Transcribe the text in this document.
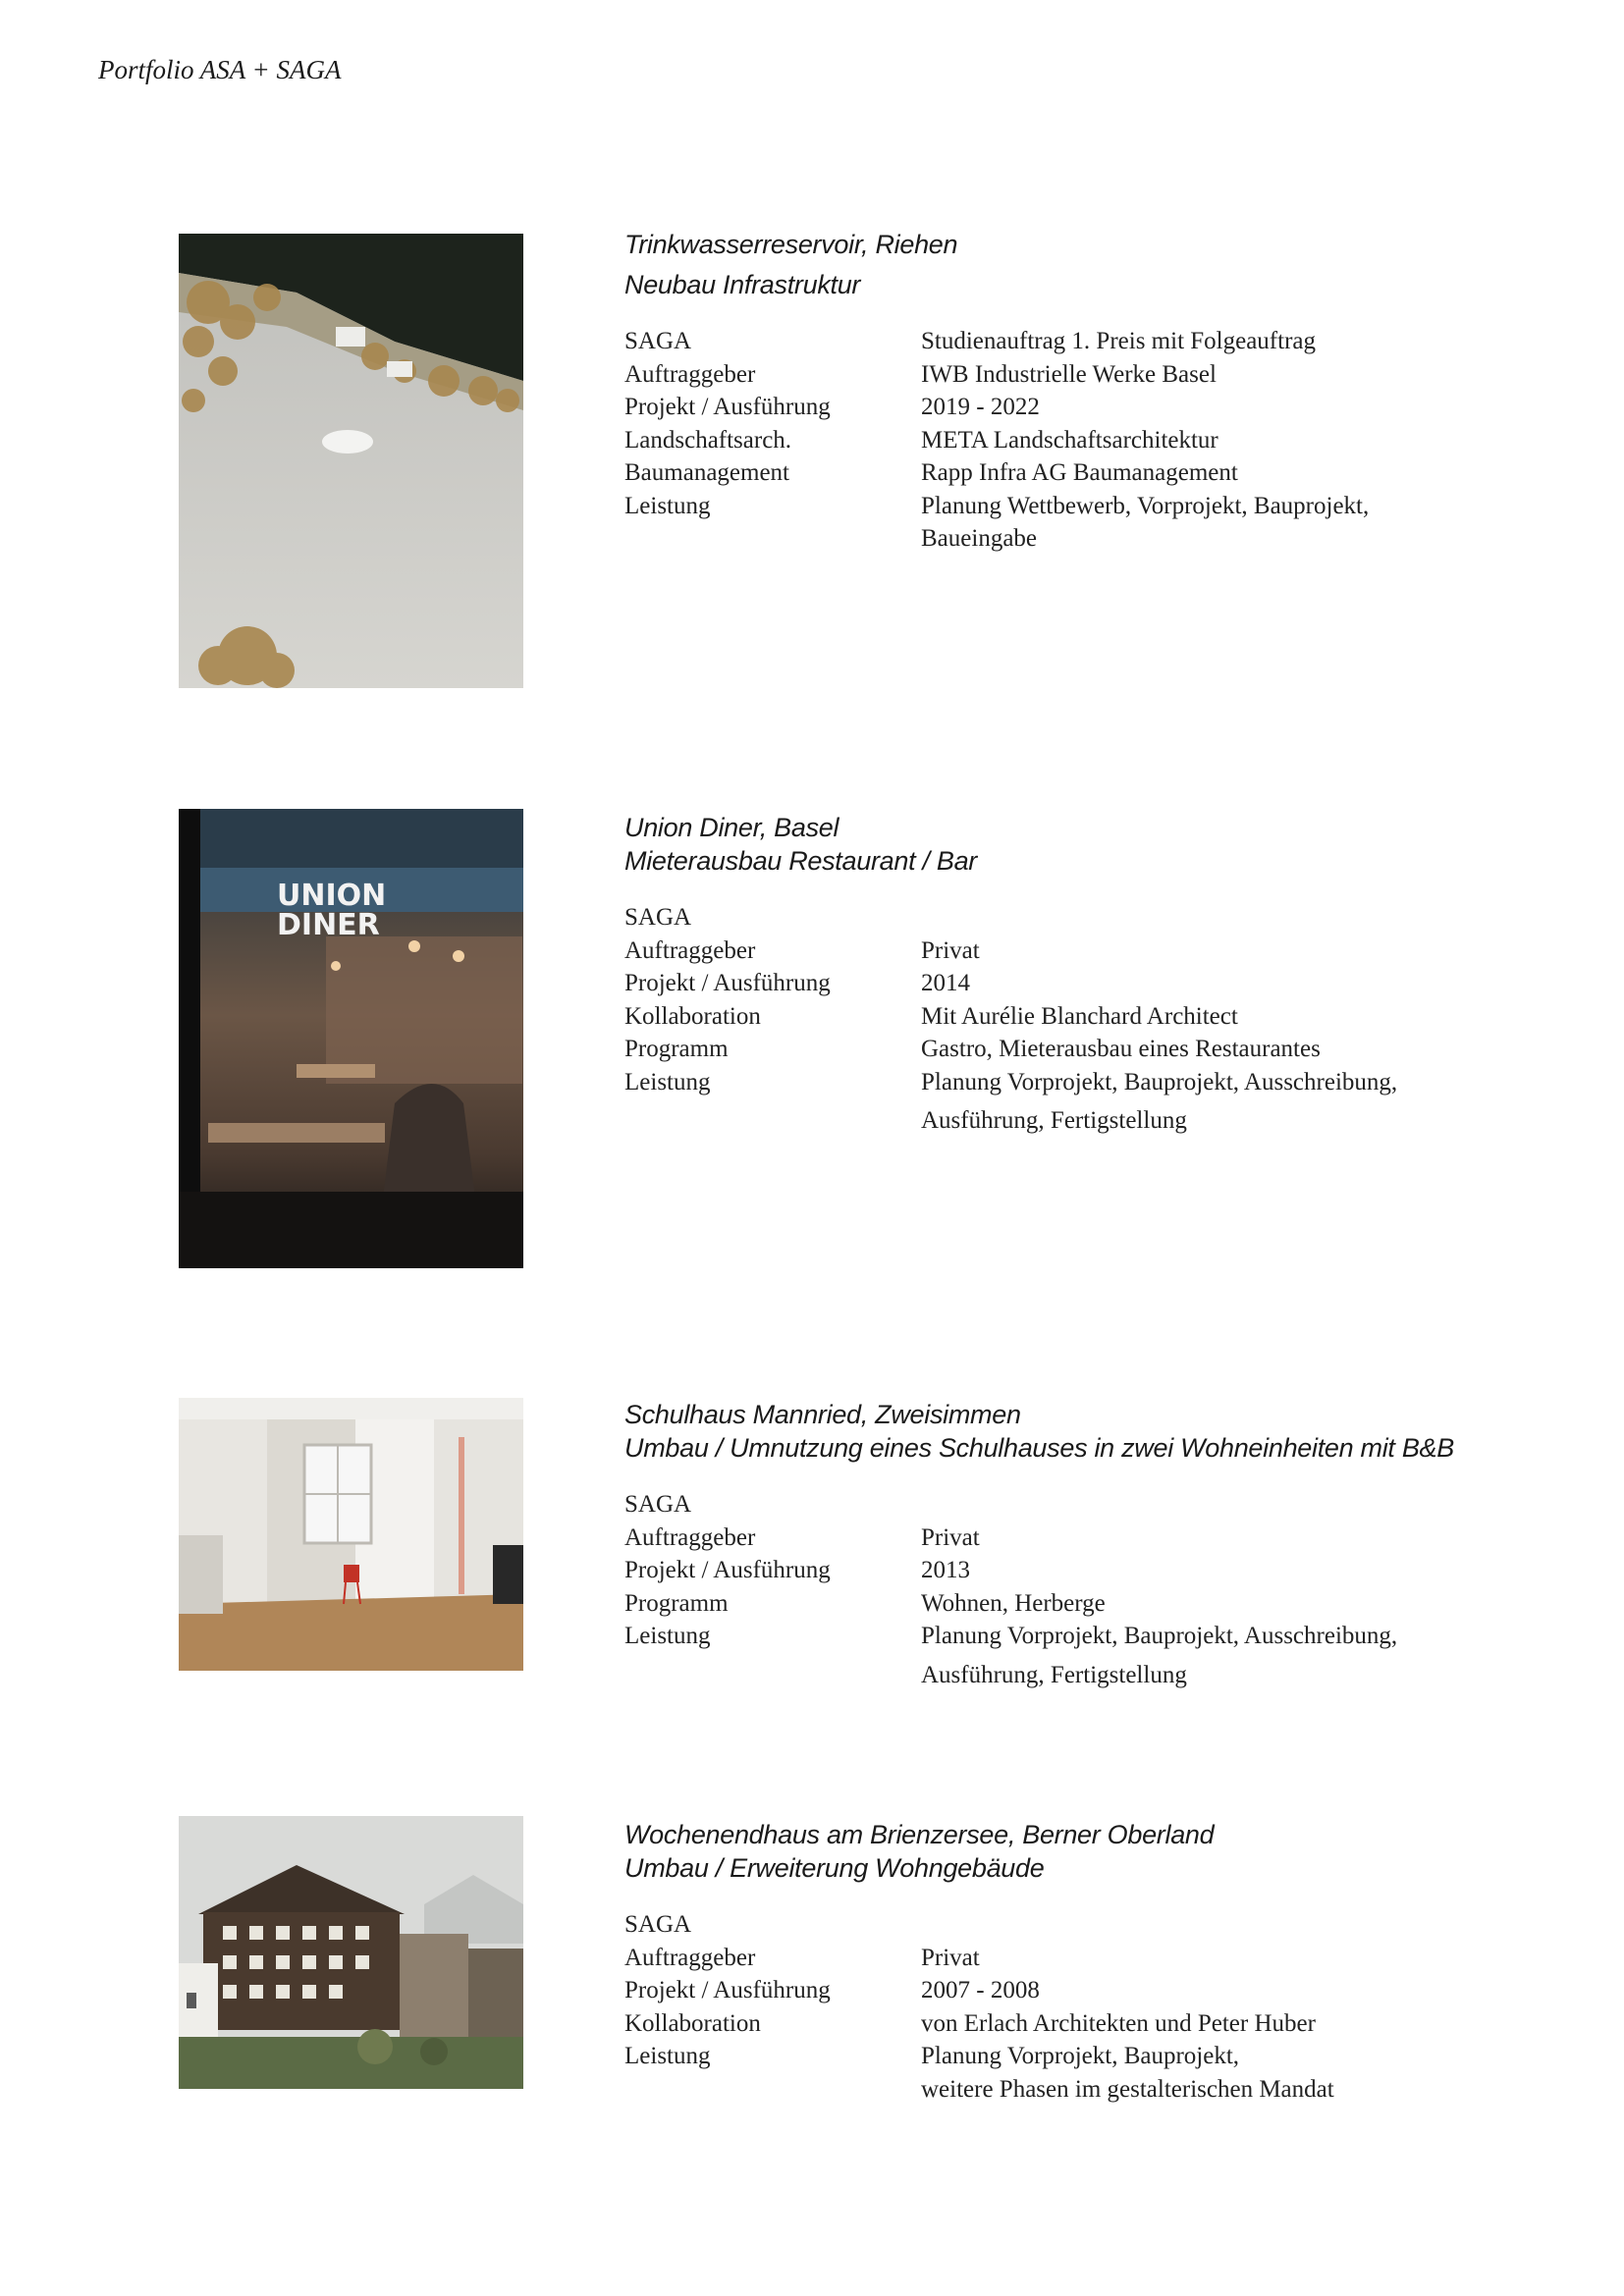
Portfolio ASA + SAGA

Trinkwasserreservoir, Riehen

Neubau Infrastruktur

SAGA	Studienauftrag 1. Preis mit Folgeauftrag
Auftraggeber	IWB Industrielle Werke Basel
Projekt / Ausführung	2019 - 2022
Landschaftsarch.	META Landschaftsarchitektur
Baumanagement	Rapp Infra AG Baumanagement
Leistung	Planung Wettbewerb, Vorprojekt, Bauprojekt,
Baueingabe
UNION
DINER

Union Diner, Basel

Mieterausbau Restaurant / Bar

SAGA
Auftraggeber	Privat
Projekt / Ausführung	2014
Kollaboration	Mit Aurélie Blanchard Architect
Programm	Gastro, Mieterausbau eines Restaurantes
Leistung	Planung Vorprojekt, Bauprojekt, Ausschreibung,
Ausführung, Fertigstellung

Schulhaus Mannried, Zweisimmen

Umbau / Umnutzung eines Schulhauses in zwei Wohneinheiten mit B&B

SAGA
Auftraggeber	Privat
Projekt / Ausführung	2013
Programm	Wohnen, Herberge
Leistung	Planung Vorprojekt, Bauprojekt, Ausschreibung,
Ausführung, Fertigstellung

Wochenendhaus am Brienzersee, Berner Oberland

Umbau / Erweiterung Wohngebäude

SAGA
Auftraggeber	Privat
Projekt / Ausführung	2007 - 2008
Kollaboration	von Erlach Architekten und Peter Huber
Leistung	Planung Vorprojekt, Bauprojekt,
weitere Phasen im gestalterischen Mandat
